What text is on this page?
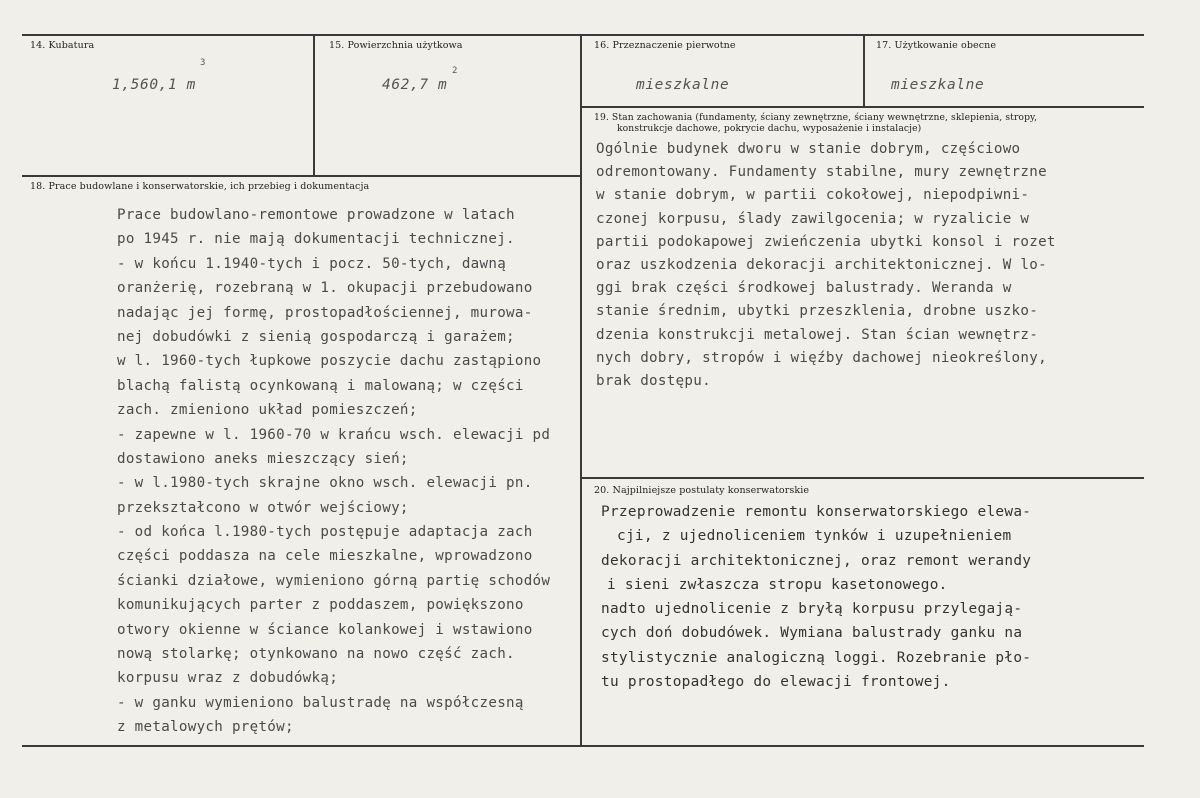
14. Kubatura
1,560,1 m
3
15. Powierzchnia użytkowa
462,7 m
2
16. Przeznaczenie pierwotne
mieszkalne
17. Użytkowanie obecne
mieszkalne
18. Prace budowlane i konserwatorskie, ich przebieg i dokumentacja
Prace budowlano-remontowe prowadzone w latach
po 1945 r. nie mają dokumentacji technicznej.
- w końcu 1.1940-tych i pocz. 50-tych, dawną
oranżerię, rozebraną w 1. okupacji przebudowano
nadając jej formę, prostopadłościennej, murowa-
nej dobudówki z sienią gospodarczą i garażem;
w l. 1960-tych łupkowe poszycie dachu zastąpiono
blachą falistą ocynkowaną i malowaną; w części
zach. zmieniono układ pomieszczeń;
- zapewne w l. 1960-70 w krańcu wsch. elewacji pd
dostawiono aneks mieszczący sień;
- w l.1980-tych skrajne okno wsch. elewacji pn.
przekształcono w otwór wejściowy;
- od końca l.1980-tych postępuje adaptacja zach
części poddasza na cele mieszkalne, wprowadzono
ścianki działowe, wymieniono górną partię schodów
komunikujących parter z poddaszem, powiększono
otwory okienne w ściance kolankowej i wstawiono
nową stolarkę; otynkowano na nowo część zach.
korpusu wraz z dobudówką;
- w ganku wymieniono balustradę na współczesną
z metalowych prętów;
19. Stan zachowania (fundamenty, ściany zewnętrzne, ściany wewnętrzne, sklepienia, stropy,
konstrukcje dachowe, pokrycie dachu, wyposażenie i instalacje)
Ogólnie budynek dworu w stanie dobrym, częściowo
odremontowany. Fundamenty stabilne, mury zewnętrzne
w stanie dobrym, w partii cokołowej, niepodpiwni-
czonej korpusu, ślady zawilgocenia; w ryzalicie w
partii podokapowej zwieńczenia ubytki konsol i rozet
oraz uszkodzenia dekoracji architektonicznej. W lo-
ggi brak części środkowej balustrady. Weranda w
stanie średnim, ubytki przeszklenia, drobne uszko-
dzenia konstrukcji metalowej. Stan ścian wewnętrz-
nych dobry, stropów i więźby dachowej nieokreślony,
brak dostępu.
20. Najpilniejsze postulaty konserwatorskie
Przeprowadzenie remontu konserwatorskiego elewa-
cji, z ujednoliceniem tynków i uzupełnieniem
dekoracji architektonicznej, oraz remont werandy
i sieni zwłaszcza stropu kasetonowego.
nadto ujednolicenie z bryłą korpusu przylegają-
cych doń dobudówek. Wymiana balustrady ganku na
stylistycznie analogiczną loggi. Rozebranie pło-
tu prostopadłego do elewacji frontowej.
